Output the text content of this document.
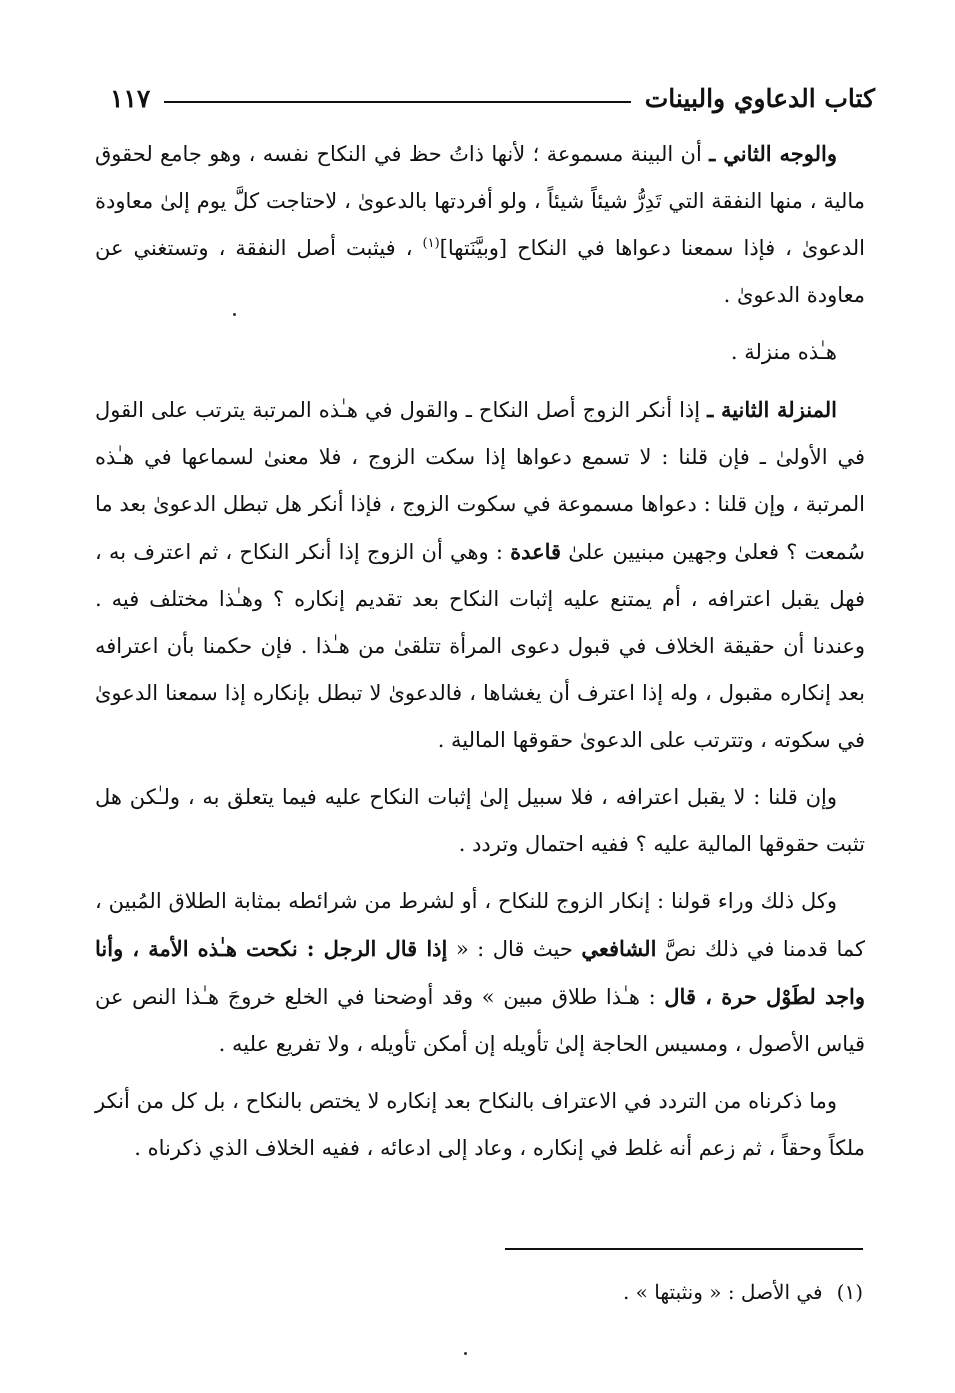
كتاب الدعاوي والبينات
١١٧

والوجه الثاني ـ أن البينة مسموعة ؛ لأنها ذاتُ حظ في النكاح نفسه ، وهو جامع لحقوق مالية ، منها النفقة التي تَدِرُّ شيئاً شيئاً ، ولو أفردتها بالدعوىٰ ، لاحتاجت كلَّ يوم إلىٰ معاودة الدعوىٰ ، فإذا سمعنا دعواها في النكاح [وبيَّنَتها]$^{(١)}$ ، فيثبت أصل النفقة ، وتستغني عن معاودة الدعوىٰ .

هـٰذه منزلة .

المنزلة الثانية ـ إذا أنكر الزوج أصل النكاح ـ والقول في هـٰذه المرتبة يترتب على القول في الأولىٰ ـ فإن قلنا : لا تسمع دعواها إذا سكت الزوج ، فلا معنىٰ لسماعها في هـٰذه المرتبة ، وإن قلنا : دعواها مسموعة في سكوت الزوج ، فإذا أنكر هل تبطل الدعوىٰ بعد ما سُمعت ؟ فعلىٰ وجهين مبنيين علىٰ قاعدة : وهي أن الزوج إذا أنكر النكاح ، ثم اعترف به ، فهل يقبل اعترافه ، أم يمتنع عليه إثبات النكاح بعد تقديم إنكاره ؟ وهـٰذا مختلف فيه . وعندنا أن حقيقة الخلاف في قبول دعوى المرأة تتلقىٰ من هـٰذا . فإن حكمنا بأن اعترافه بعد إنكاره مقبول ، وله إذا اعترف أن يغشاها ، فالدعوىٰ لا تبطل بإنكاره إذا سمعنا الدعوىٰ في سكوته ، وتترتب على الدعوىٰ حقوقها المالية .

وإن قلنا : لا يقبل اعترافه ، فلا سبيل إلىٰ إثبات النكاح عليه فيما يتعلق به ، ولـٰكن هل تثبت حقوقها المالية عليه ؟ ففيه احتمال وتردد .

وكل ذلك وراء قولنا : إنكار الزوج للنكاح ، أو لشرط من شرائطه بمثابة الطلاق المُبين ، كما قدمنا في ذلك نصَّ الشافعي حيث قال : « إذا قال الرجل : نكحت هـٰذه الأمة ، وأنا واجد لطَوْل حرة ، قال : هـٰذا طلاق مبين » وقد أوضحنا في الخلع خروجَ هـٰذا النص عن قياس الأصول ، ومسيس الحاجة إلىٰ تأويله إن أمكن تأويله ، ولا تفريع عليه .

وما ذكرناه من التردد في الاعتراف بالنكاح بعد إنكاره لا يختص بالنكاح ، بل كل من أنكر ملكاً وحقاً ، ثم زعم أنه غلط في إنكاره ، وعاد إلى ادعائه ، ففيه الخلاف الذي ذكرناه .

(١)في الأصل : « ونثبتها » .
